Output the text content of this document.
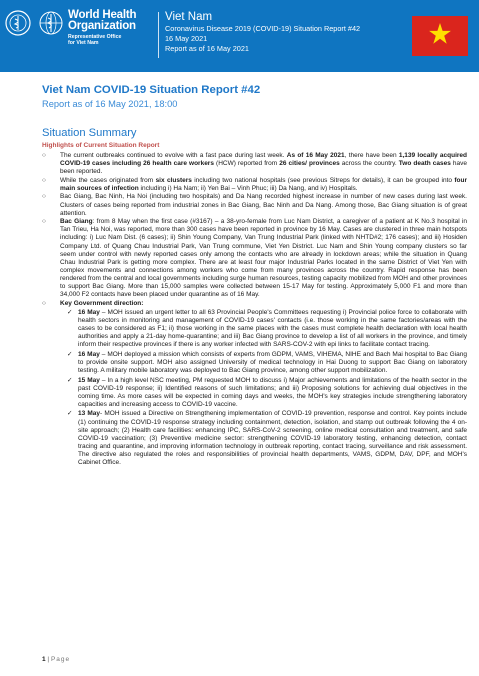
World Health
Organization
Representative Office
for Viet Nam
Viet Nam
Coronavirus Disease 2019 (COVID-19) Situation Report #42
16 May 2021
Report as of 16 May 2021
Viet Nam COVID-19 Situation Report #42
Report as of 16 May 2021, 18:00
Situation Summary
Highlights of Current Situation Report
○ The current outbreaks continued to evolve with a fast pace during last week. As of 16 May 2021, there have been 1,139 locally acquired COVID-19 cases including 26 health care workers (HCW) reported from 26 cities/ provinces across the country. Two death cases have been reported.
○ While the cases originated from six clusters including two national hospitals (see previous Sitreps for details), it can be grouped into four main sources of infection including i) Ha Nam; ii) Yen Bai – Vinh Phuc; iii) Da Nang, and iv) Hospitals.
○ Bac Giang, Bac Ninh, Ha Noi (including two hospitals) and Da Nang recorded highest increase in number of new cases during last week. Clusters of cases being reported from industrial zones in Bac Giang, Bac Ninh and Da Nang. Among those, Bac Giang situation is of great attention.
○ Bac Giang: from 8 May when the first case (#3167) – a 38-yro-female from Luc Nam District, a caregiver of a patient at K No.3 hospital in Tan Trieu, Ha Noi, was reported, more than 300 cases have been reported in province by 16 May. Cases are clustered in three main hotspots including: i) Luc Nam Dist. (6 cases); ii) Shin Young Company, Van Trung Industrial Park (linked with NHTD#2; 176 cases); and iii) Hosiden Company Ltd. of Quang Chau Industrial Park, Van Trung commune, Viet Yen District. Luc Nam and Shin Young company clusters so far seem under control with newly reported cases only among the contacts who are already in lockdown areas; while the situation in Quang Chau Industrial Park is getting more complex. There are at least four major Industrial Parks located in the same District of Viet Yen with complex movements and connections among workers who come from many provinces across the country. Rapid response has been rendered from the central and local governments including surge human resources, testing capacity mobilized from MOH and other provinces to support Bac Giang. More than 15,000 samples were collected between 15-17 May for testing. Approximately 5,000 F1 and more than 34,000 F2 contacts have been placed under quarantine as of 16 May.
○ Key Government direction:
✓ 16 May – MOH issued an urgent letter to all 63 Provincial People's Committees requesting i) Provincial police force to collaborate with health sectors in monitoring and management of COVID-19 cases' contacts (i.e. those working in the same factories/areas with the cases to be considered as F1; ii) those working in the same places with the cases must complete health declaration with local health authorities and apply a 21-day home-quarantine; and iii) Bac Giang province to develop a list of all workers in the province, and timely inform their respective provinces if there is any worker infected with SARS-COV-2 with epi links to facilitate contact tracing.
✓ 16 May – MOH deployed a mission which consists of experts from GDPM, VAMS, VIHEMA, NIHE and Bach Mai hospital to Bac Giang to provide onsite support. MOH also assigned University of medical technology in Hai Duong to support Bac Giang on laboratory testing. A military mobile laboratory was deployed to Bac Giang province, among other support mobilization.
✓ 15 May – In a high level NSC meeting, PM requested MOH to discuss i) Major achievements and limitations of the health sector in the past COVID-19 response; ii) Identified reasons of such limitations; and iii) Proposing solutions for achieving dual objectives in the coming time. As more cases will be expected in coming days and weeks, the MOH's key strategies include strengthening laboratory capacities and increasing access to COVID-19 vaccine.
✓ 13 May- MOH issued a Directive on Strengthening implementation of COVID-19 prevention, response and control. Key points include (1) continuing the COVID-19 response strategy including containment, detection, isolation, and stamp out outbreak following the 4 on-site approach; (2) Health care facilities: enhancing IPC, SARS-CoV-2 screening, online medical consultation and treatment, and safe COVID-19 vaccination; (3) Preventive medicine sector: strengthening COVID-19 laboratory testing, enhancing detection, contact tracing and quarantine, and improving information technology in outbreak reporting, contact tracing, surveillance and risk assessment. The directive also regulated the roles and responsibilities of provincial health departments, VAMS, GDPM, DAV, DPF, and MOH's Cabinet Office.
1 | Page
